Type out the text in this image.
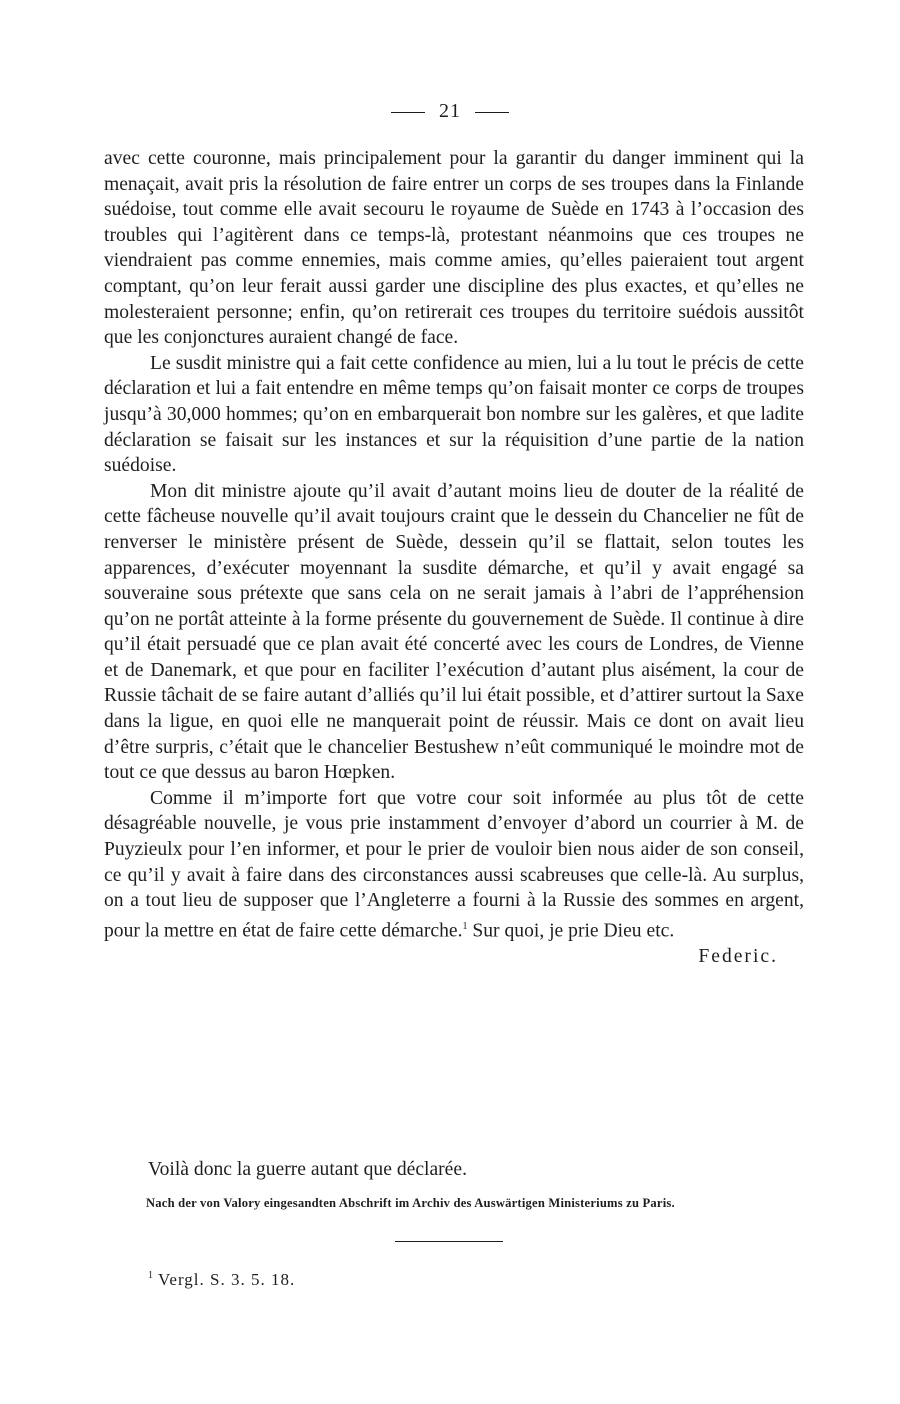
21

avec cette couronne, mais principalement pour la garantir du danger imminent qui la menaçait, avait pris la résolution de faire entrer un corps de ses troupes dans la Finlande suédoise, tout comme elle avait secouru le royaume de Suède en 1743 à l’occasion des troubles qui l’agitèrent dans ce temps-là, protestant néanmoins que ces troupes ne viendraient pas comme ennemies, mais comme amies, qu’elles paieraient tout argent comptant, qu’on leur ferait aussi garder une discipline des plus exactes, et qu’elles ne molesteraient personne; enfin, qu’on retirerait ces troupes du territoire suédois aussitôt que les conjonctures auraient changé de face.

Le susdit ministre qui a fait cette confidence au mien, lui a lu tout le précis de cette déclaration et lui a fait entendre en même temps qu’on faisait monter ce corps de troupes jusqu’à 30,000 hommes; qu’on en embarquerait bon nombre sur les galères, et que ladite déclaration se faisait sur les instances et sur la réquisition d’une partie de la nation suédoise.

Mon dit ministre ajoute qu’il avait d’autant moins lieu de douter de la réalité de cette fâcheuse nouvelle qu’il avait toujours craint que le dessein du Chancelier ne fût de renverser le ministère présent de Suède, dessein qu’il se flattait, selon toutes les apparences, d’exécuter moyennant la susdite démarche, et qu’il y avait engagé sa souveraine sous prétexte que sans cela on ne serait jamais à l’abri de l’appréhension qu’on ne portât atteinte à la forme présente du gouvernement de Suède. Il continue à dire qu’il était persuadé que ce plan avait été concerté avec les cours de Londres, de Vienne et de Danemark, et que pour en faciliter l’exécution d’autant plus aisément, la cour de Russie tâchait de se faire autant d’alliés qu’il lui était possible, et d’attirer surtout la Saxe dans la ligue, en quoi elle ne manquerait point de réussir. Mais ce dont on avait lieu d’être surpris, c’était que le chancelier Bestushew n’eût communiqué le moindre mot de tout ce que dessus au baron Hœpken.

Comme il m’importe fort que votre cour soit informée au plus tôt de cette désagréable nouvelle, je vous prie instamment d’envoyer d’abord un courrier à M. de Puyzieulx pour l’en informer, et pour le prier de vouloir bien nous aider de son conseil, ce qu’il y avait à faire dans des circonstances aussi scabreuses que celle-là. Au surplus, on a tout lieu de supposer que l’Angleterre a fourni à la Russie des sommes en argent, pour la mettre en état de faire cette démarche.$^1$ Sur quoi, je prie Dieu etc.

Federic.

Voilà donc la guerre autant que déclarée.
Nach der von Valory eingesandten Abschrift im Archiv des Auswärtigen Ministeriums zu Paris.
$^1$ Vergl. S. 3. 5. 18.
